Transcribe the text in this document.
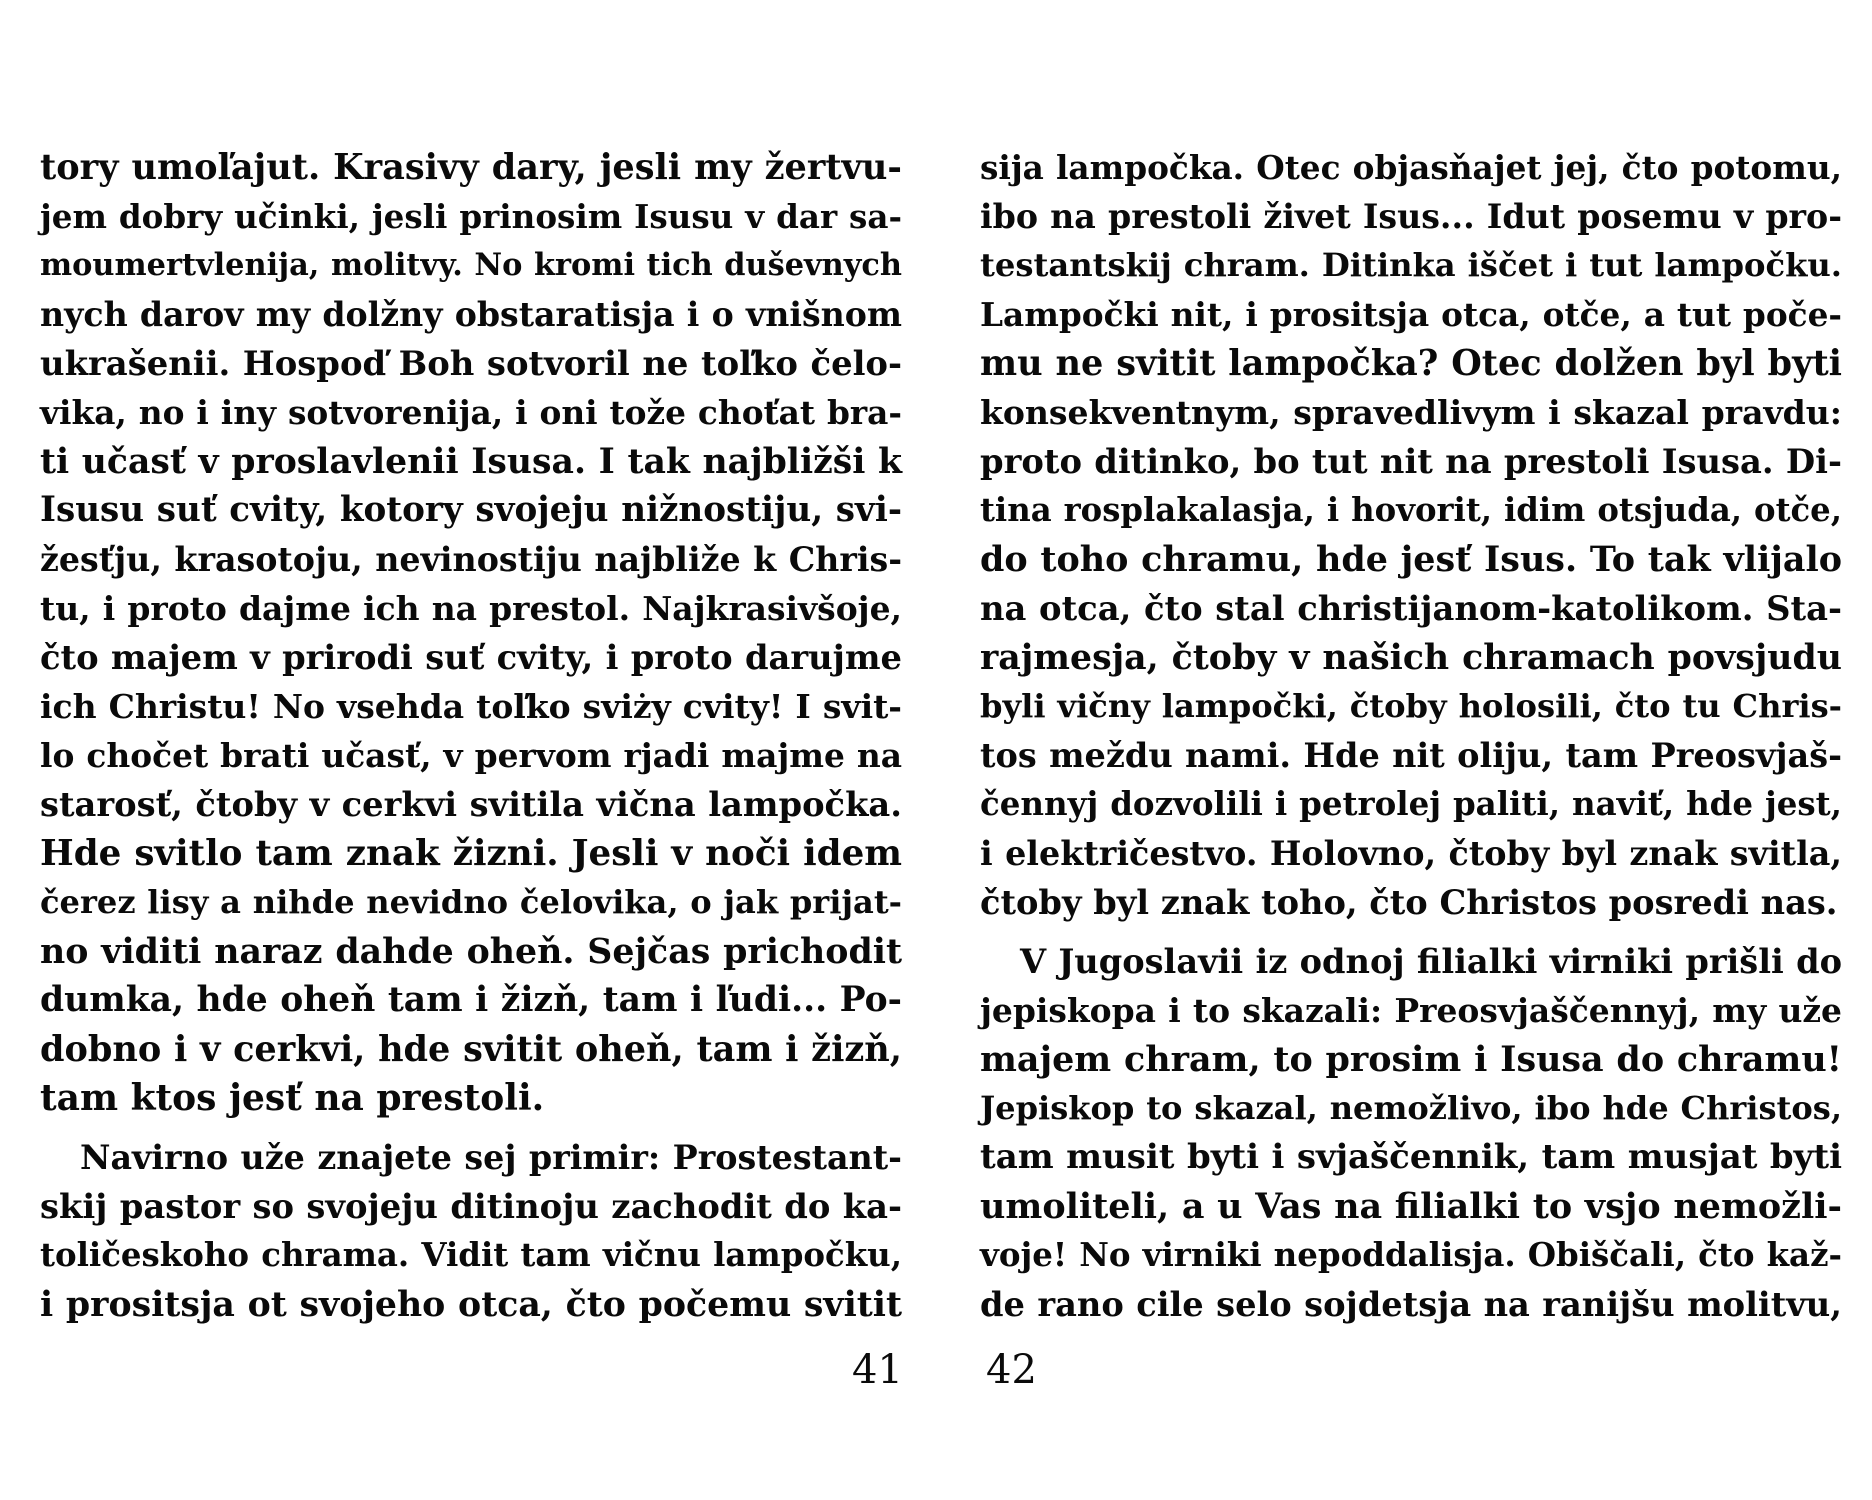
tory umoľajut. Krasivy dary, jesli my žertvu-
jem dobry učinki, jesli prinosim Isusu v dar sa-
moumertvlenija, molitvy. No kromi tich duševnych
nych darov my dolžny obstaratisja i o vnišnom
ukrašenii. Hospoď Boh sotvoril ne toľko čelo-
vika, no i iny sotvorenija, i oni tože choťat bra-
ti učasť v proslavlenii Isusa. I tak najbližši k
Isusu suť cvity, kotory svojeju nižnostiju, svi-
žesťju, krasotoju, nevinostiju najbliže k Chris-
tu, i proto dajme ich na prestol. Najkrasivšoje,
čto majem v prirodi suť cvity, i proto darujme
ich Christu! No vsehda toľko sviży cvity! I svit-
lo chočet brati učasť, v pervom rjadi majme na
starosť, čtoby v cerkvi svitila vična lampočka.
Hde svitlo tam znak žizni. Jesli v noči idem
čerez lisy a nihde nevidno čelovika, o jak prijat-
no viditi naraz dahde oheň. Sejčas prichodit
dumka, hde oheň tam i žizň, tam i ľudi... Po-
dobno i v cerkvi, hde svitit oheň, tam i žizň,
tam ktos jesť na prestoli.
Navirno uže znajete sej primir: Prostestant-
skij pastor so svojeju ditinoju zachodit do ka-
toličeskoho chrama. Vidit tam vičnu lampočku,
i prositsja ot svojeho otca, čto počemu svitit
sija lampočka. Otec objasňajet jej, čto potomu,
ibo na prestoli živet Isus... Idut posemu v pro-
testantskij chram. Ditinka iščet i tut lampočku.
Lampočki nit, i prositsja otca, otče, a tut poče-
mu ne svitit lampočka? Otec dolžen byl byti
konsekventnym, spravedlivym i skazal pravdu:
proto ditinko, bo tut nit na prestoli Isusa. Di-
tina rosplakalasja, i hovorit, idim otsjuda, otče,
do toho chramu, hde jesť Isus. To tak vlijalo
na otca, čto stal christijanom-katolikom. Sta-
rajmesja, čtoby v našich chramach povsjudu
byli vičny lampočki, čtoby holosili, čto tu Chris-
tos meždu nami. Hde nit oliju, tam Preosvjaš-
čennyj dozvolili i petrolej paliti, naviť, hde jest,
i električestvo. Holovno, čtoby byl znak svitla,
čtoby byl znak toho, čto Christos posredi nas.
V Jugoslavii iz odnoj filialki virniki prišli do
jepiskopa i to skazali: Preosvjaščennyj, my uže
majem chram, to prosim i Isusa do chramu!
Jepiskop to skazal, nemožlivo, ibo hde Christos,
tam musit byti i svjaščennik, tam musjat byti
umoliteli, a u Vas na filialki to vsjo nemožli-
voje! No virniki nepoddalisja. Obiščali, čto kaž-
de rano cile selo sojdetsja na ranijšu molitvu,
41 42
